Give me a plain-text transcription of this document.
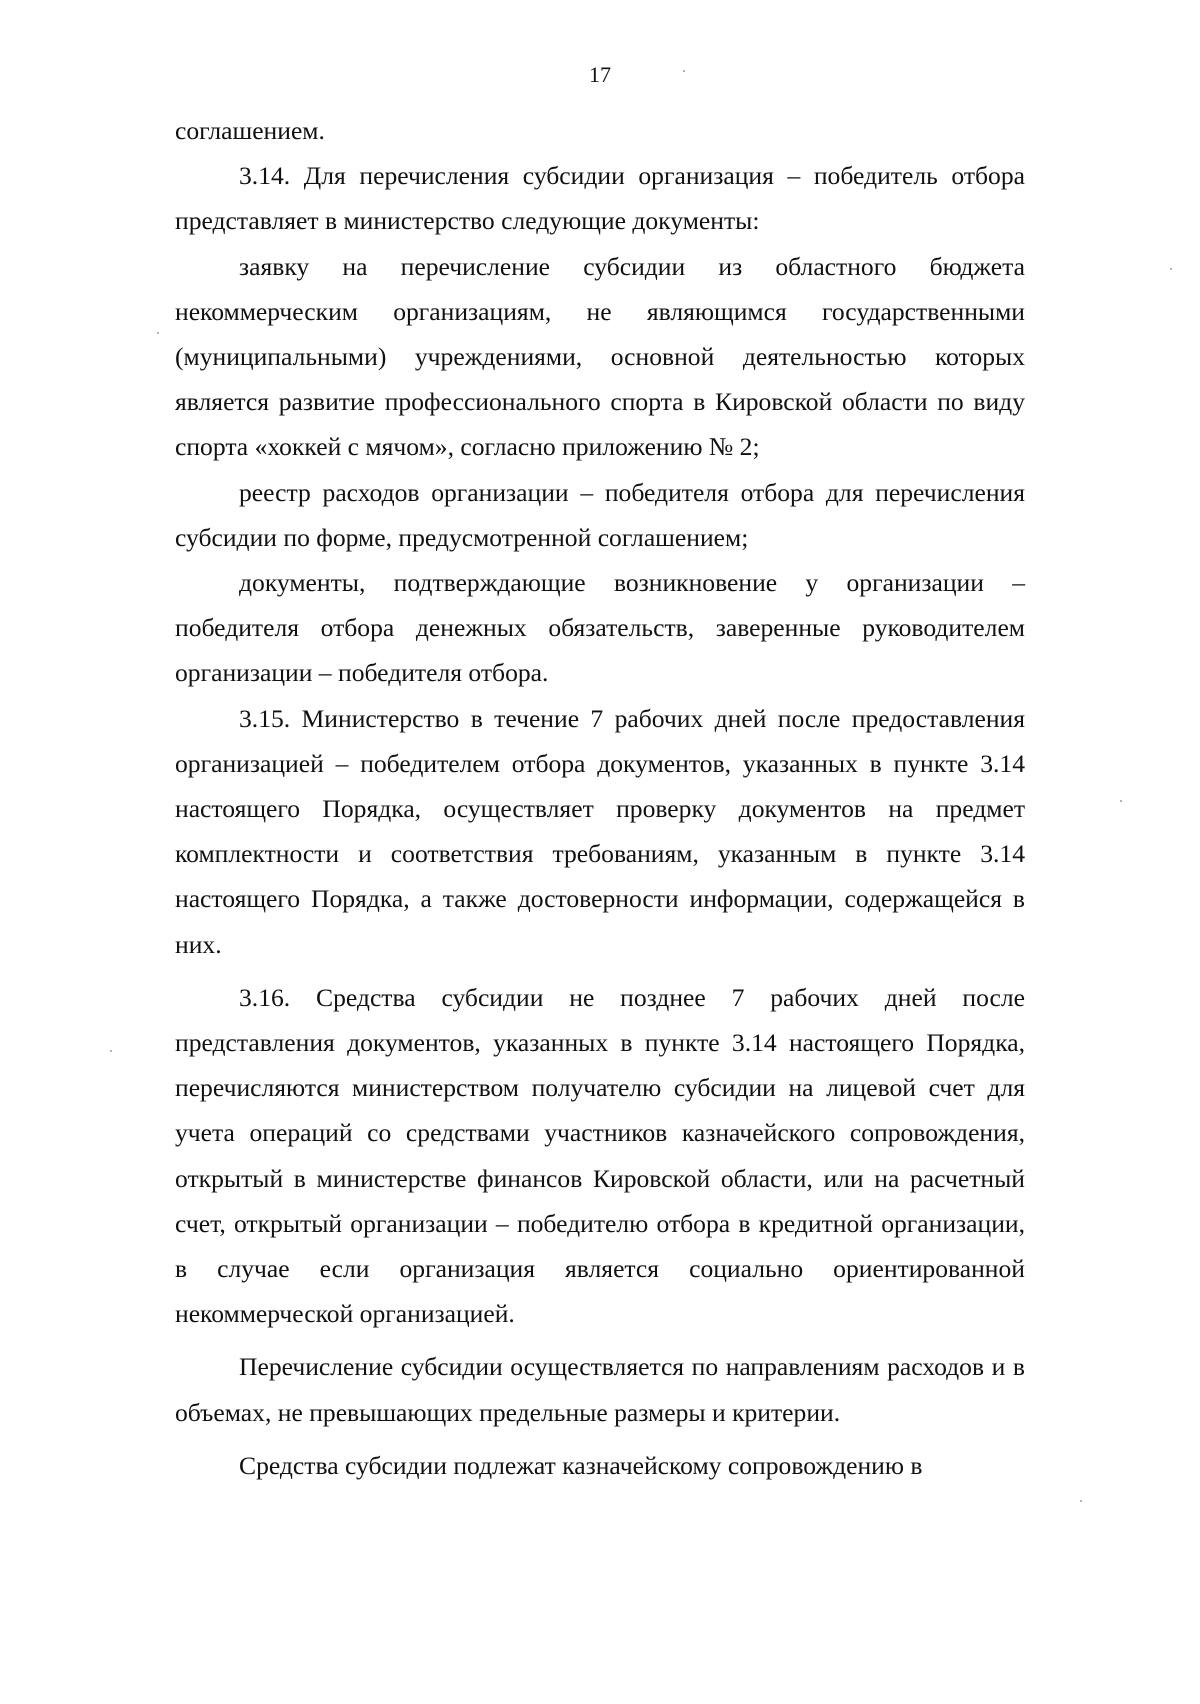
17

соглашением.

3.14. Для перечисления субсидии организация – победитель отбора представляет в министерство следующие документы:

заявку на перечисление субсидии из областного бюджета некоммерческим организациям, не являющимся государственными (муниципальными) учреждениями, основной деятельностью которых является развитие профессионального спорта в Кировской области по виду спорта «хоккей с мячом», согласно приложению № 2;

реестр расходов организации – победителя отбора для перечисления субсидии по форме, предусмотренной соглашением;

документы, подтверждающие возникновение у организации – победителя отбора денежных обязательств, заверенные руководителем организации – победителя отбора.

3.15. Министерство в течение 7 рабочих дней после предоставления организацией – победителем отбора документов, указанных в пункте 3.14 настоящего Порядка, осуществляет проверку документов на предмет комплектности и соответствия требованиям, указанным в пункте 3.14 настоящего Порядка, а также достоверности информации, содержащейся в них.

3.16. Средства субсидии не позднее 7 рабочих дней после представления документов, указанных в пункте 3.14 настоящего Порядка, перечисляются министерством получателю субсидии на лицевой счет для учета операций со средствами участников казначейского сопровождения, открытый в министерстве финансов Кировской области, или на расчетный счет, открытый организации – победителю отбора в кредитной организации, в случае если организация является социально ориентированной некоммерческой организацией.

Перечисление субсидии осуществляется по направлениям расходов и в объемах, не превышающих предельные размеры и критерии.

Средства субсидии подлежат казначейскому сопровождению в
